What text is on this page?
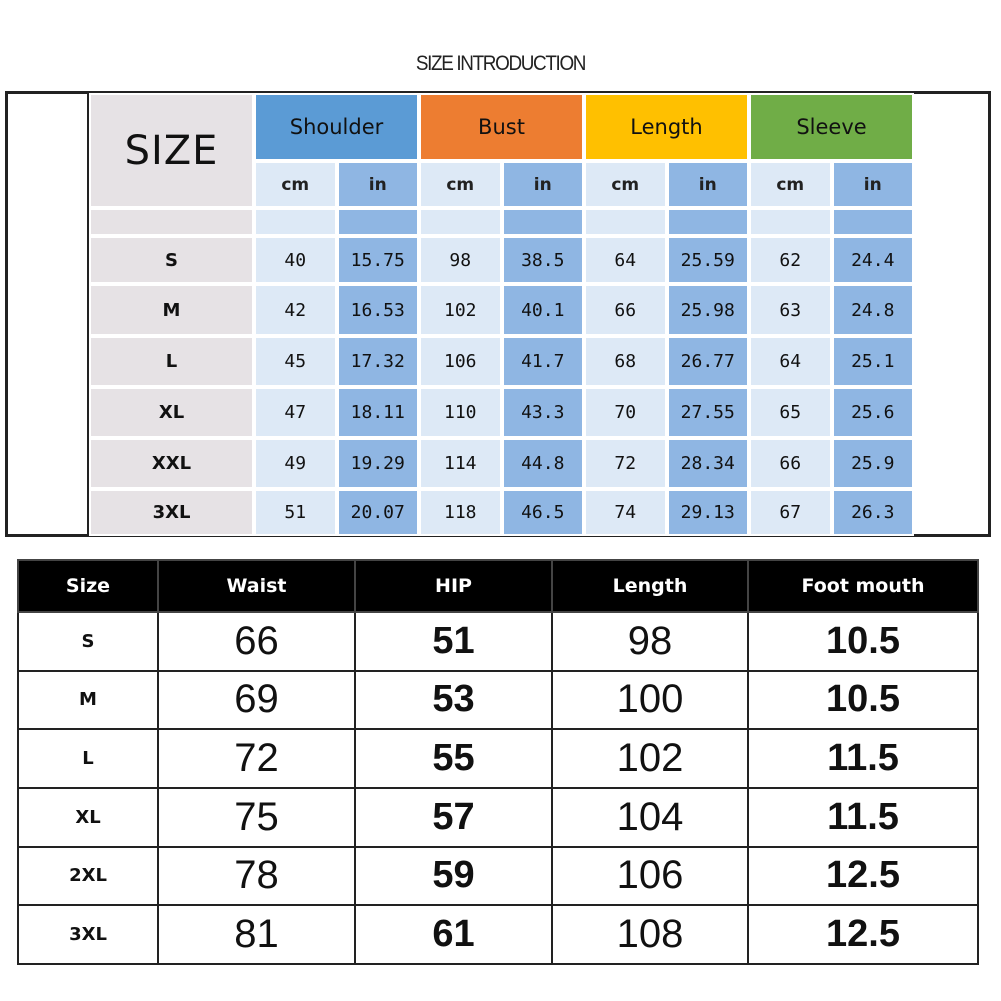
SIZE INTRODUCTION
SIZE
Shoulder	Bust	Length	Sleeve
cm	in	cm	in	cm	in	cm	in
S	40	15.75	98	38.5	64	25.59	62	24.4
M	42	16.53	102	40.1	66	25.98	63	24.8
L	45	17.32	106	41.7	68	26.77	64	25.1
XL	47	18.11	110	43.3	70	27.55	65	25.6
XXL	49	19.29	114	44.8	72	28.34	66	25.9
3XL	51	20.07	118	46.5	74	29.13	67	26.3
Size	Waist	HIP	Length	Foot mouth
S	66	51	98	10.5
M	69	53	100	10.5
L	72	55	102	11.5
XL	75	57	104	11.5
2XL	78	59	106	12.5
3XL	81	61	108	12.5
